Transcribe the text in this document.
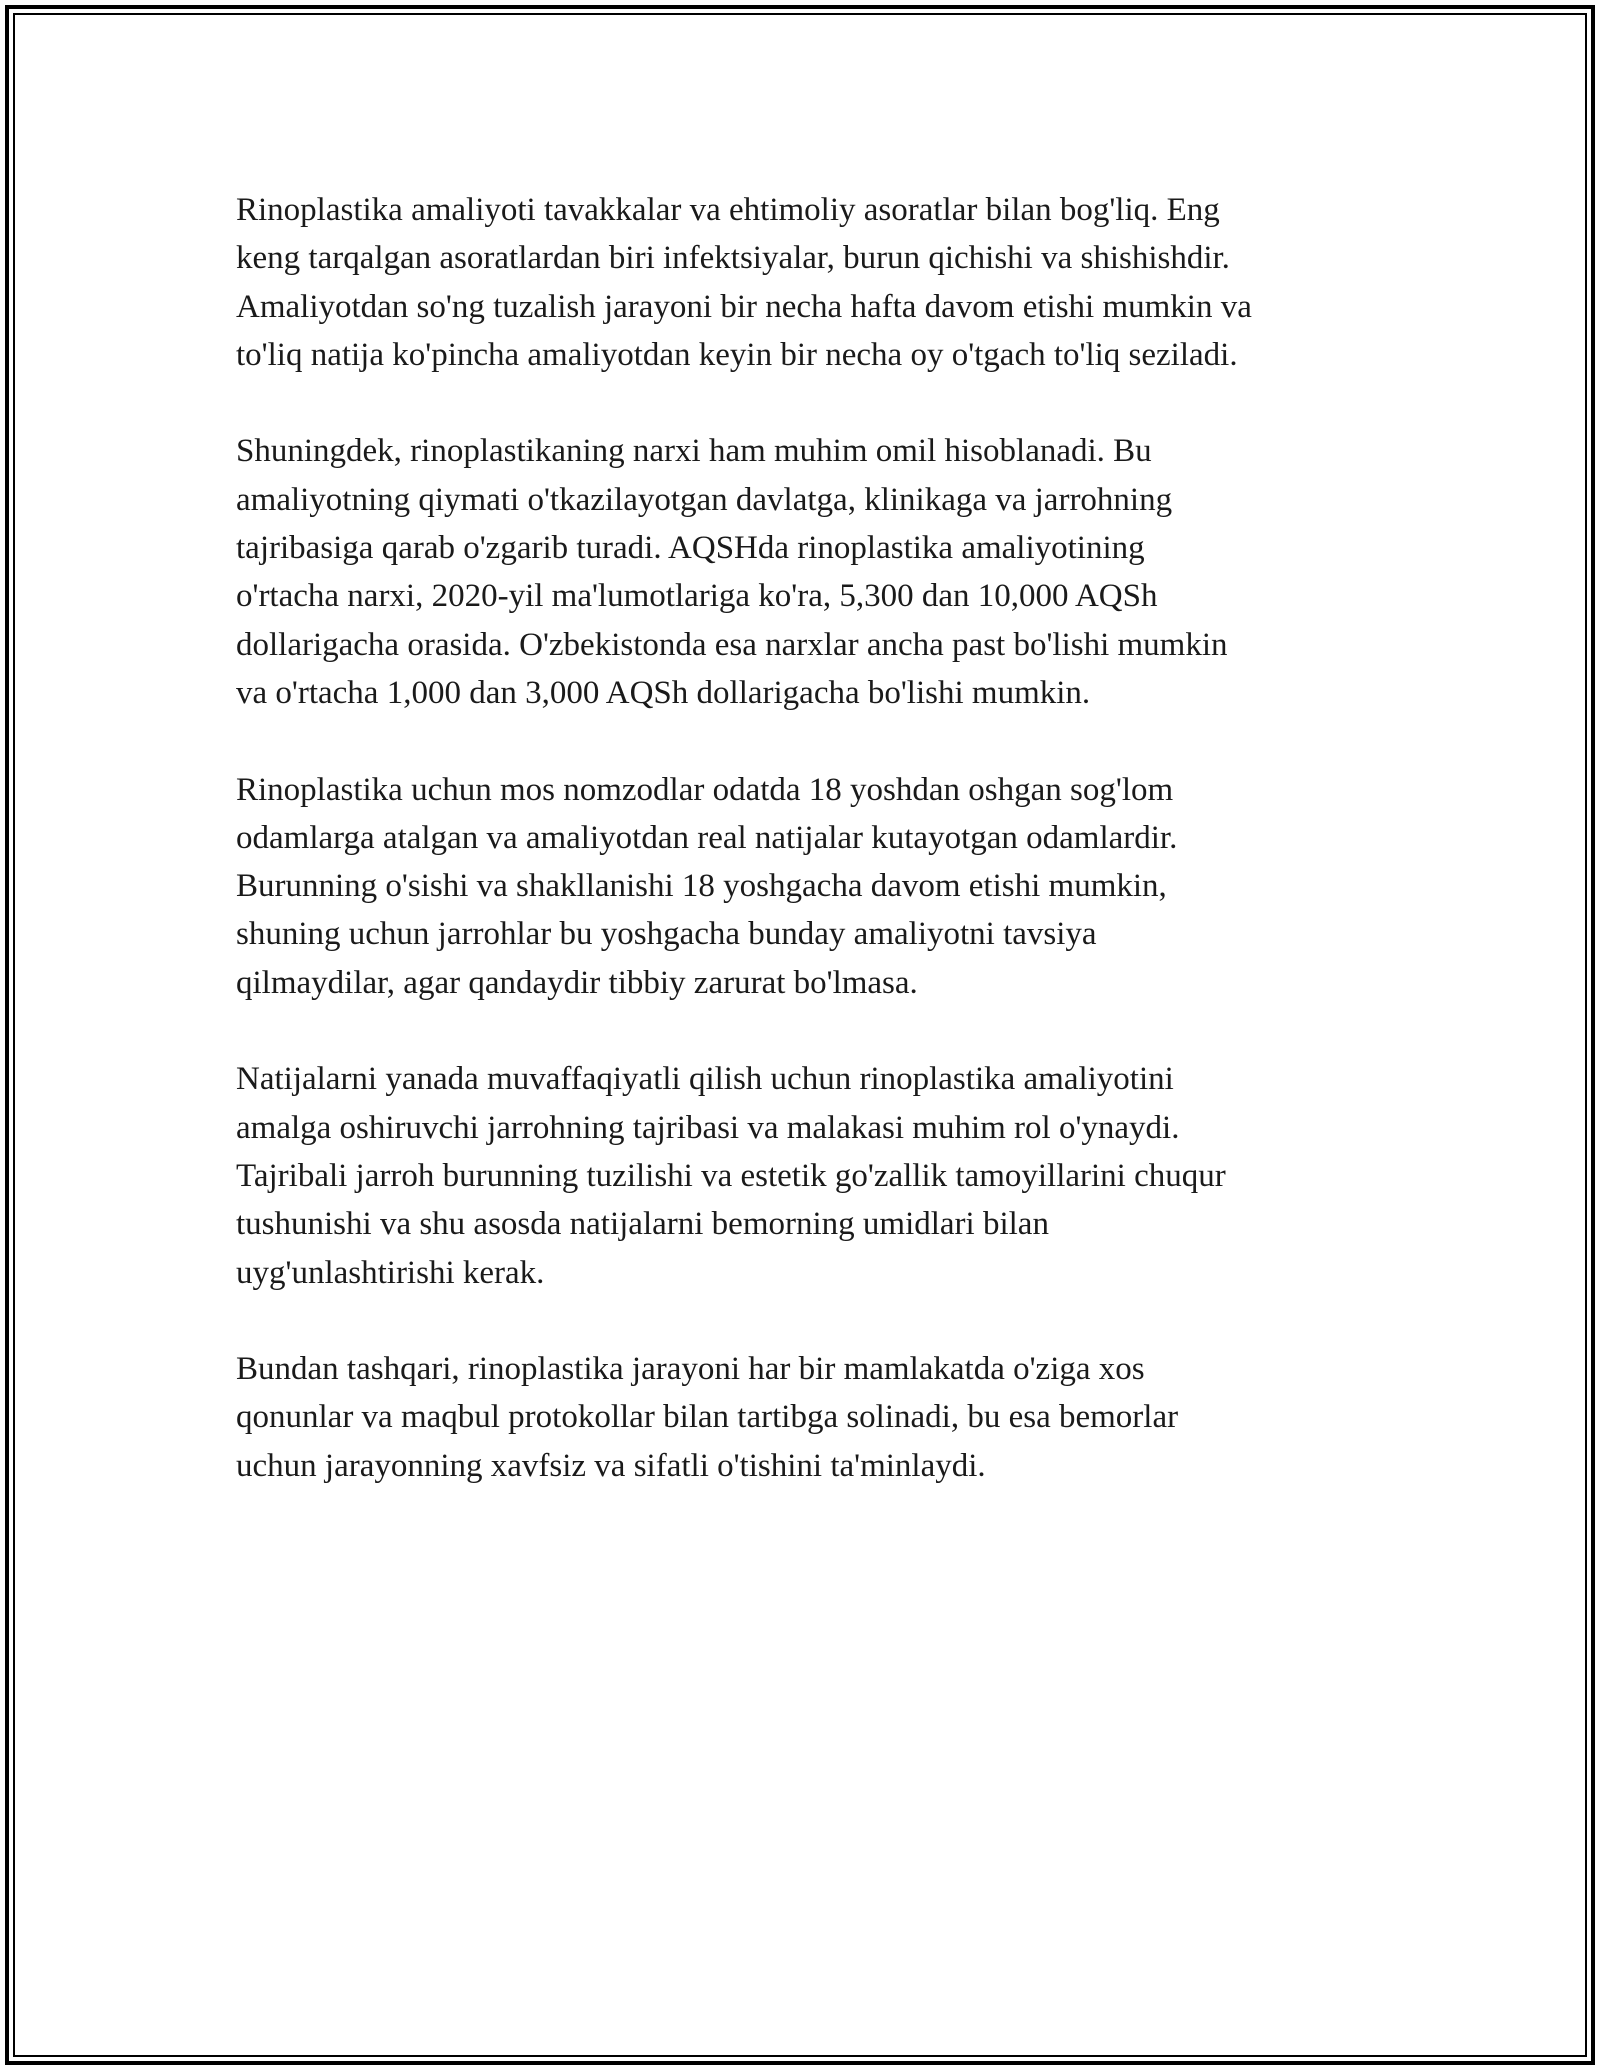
Rinoplastika amaliyoti tavakkalar va ehtimoliy asoratlar bilan bog'liq. Eng
keng tarqalgan asoratlardan biri infektsiyalar, burun qichishi va shishishdir.
Amaliyotdan so'ng tuzalish jarayoni bir necha hafta davom etishi mumkin va
to'liq natija ko'pincha amaliyotdan keyin bir necha oy o'tgach to'liq seziladi.

Shuningdek, rinoplastikaning narxi ham muhim omil hisoblanadi. Bu
amaliyotning qiymati o'tkazilayotgan davlatga, klinikaga va jarrohning
tajribasiga qarab o'zgarib turadi. AQSHda rinoplastika amaliyotining
o'rtacha narxi, 2020-yil ma'lumotlariga ko'ra, 5,300 dan 10,000 AQSh
dollarigacha orasida. O'zbekistonda esa narxlar ancha past bo'lishi mumkin
va o'rtacha 1,000 dan 3,000 AQSh dollarigacha bo'lishi mumkin.

Rinoplastika uchun mos nomzodlar odatda 18 yoshdan oshgan sog'lom
odamlarga atalgan va amaliyotdan real natijalar kutayotgan odamlardir.
Burunning o'sishi va shakllanishi 18 yoshgacha davom etishi mumkin,
shuning uchun jarrohlar bu yoshgacha bunday amaliyotni tavsiya
qilmaydilar, agar qandaydir tibbiy zarurat bo'lmasa.

Natijalarni yanada muvaffaqiyatli qilish uchun rinoplastika amaliyotini
amalga oshiruvchi jarrohning tajribasi va malakasi muhim rol o'ynaydi.
Tajribali jarroh burunning tuzilishi va estetik go'zallik tamoyillarini chuqur
tushunishi va shu asosda natijalarni bemorning umidlari bilan
uyg'unlashtirishi kerak.

Bundan tashqari, rinoplastika jarayoni har bir mamlakatda o'ziga xos
qonunlar va maqbul protokollar bilan tartibga solinadi, bu esa bemorlar
uchun jarayonning xavfsiz va sifatli o'tishini ta'minlaydi.
